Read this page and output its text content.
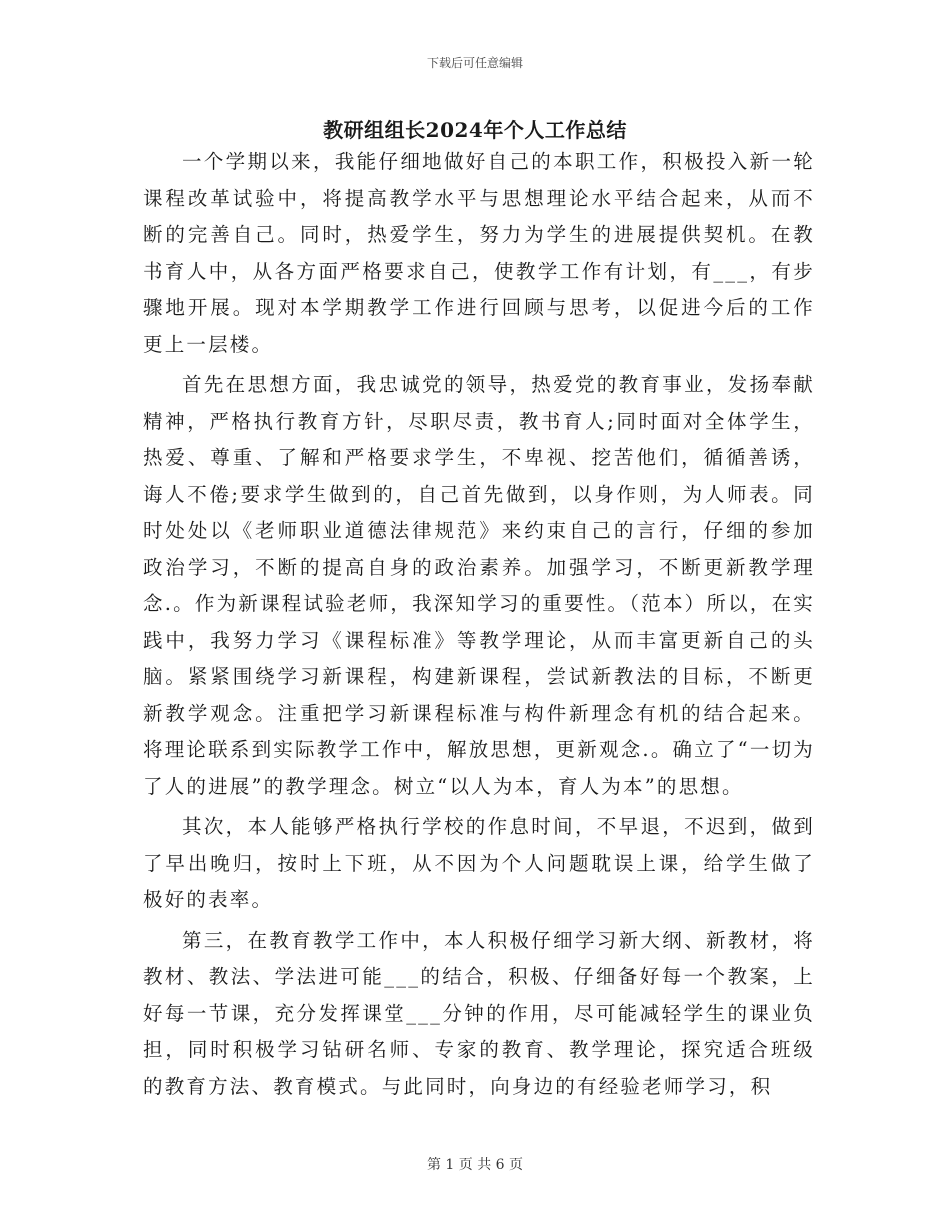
下载后可任意编辑
教研组组长2024年个人工作总结

一个学期以来，我能仔细地做好自己的本职工作，积极投入新一轮课程改革试验中，将提高教学水平与思想理论水平结合起来，从而不断的完善自己。同时，热爱学生，努力为学生的进展提供契机。在教书育人中，从各方面严格要求自己，使教学工作有计划，有___，有步骤地开展。现对本学期教学工作进行回顾与思考，以促进今后的工作更上一层楼。

首先在思想方面，我忠诚党的领导，热爱党的教育事业，发扬奉献精神，严格执行教育方针，尽职尽责，教书育人;同时面对全体学生，热爱、尊重、了解和严格要求学生，不卑视、挖苦他们，循循善诱，诲人不倦;要求学生做到的，自己首先做到，以身作则，为人师表。同时处处以《老师职业道德法律规范》来约束自己的言行，仔细的参加政治学习，不断的提高自身的政治素养。加强学习，不断更新教学理念.。作为新课程试验老师，我深知学习的重要性。（范本）所以，在实践中，我努力学习《课程标准》等教学理论，从而丰富更新自己的头脑。紧紧围绕学习新课程，构建新课程，尝试新教法的目标，不断更新教学观念。注重把学习新课程标准与构件新理念有机的结合起来。将理论联系到实际教学工作中，解放思想，更新观念.。确立了“一切为了人的进展”的教学理念。树立“以人为本，育人为本”的思想。

其次，本人能够严格执行学校的作息时间，不早退，不迟到，做到了早出晚归，按时上下班，从不因为个人问题耽误上课，给学生做了极好的表率。

第三，在教育教学工作中，本人积极仔细学习新大纲、新教材，将教材、教法、学法进可能___的结合，积极、仔细备好每一个教案，上好每一节课，充分发挥课堂___分钟的作用，尽可能减轻学生的课业负担，同时积极学习钻研名师、专家的教育、教学理论，探究适合班级的教育方法、教育模式。与此同时，向身边的有经验老师学习，积

第 1 页 共 6 页
